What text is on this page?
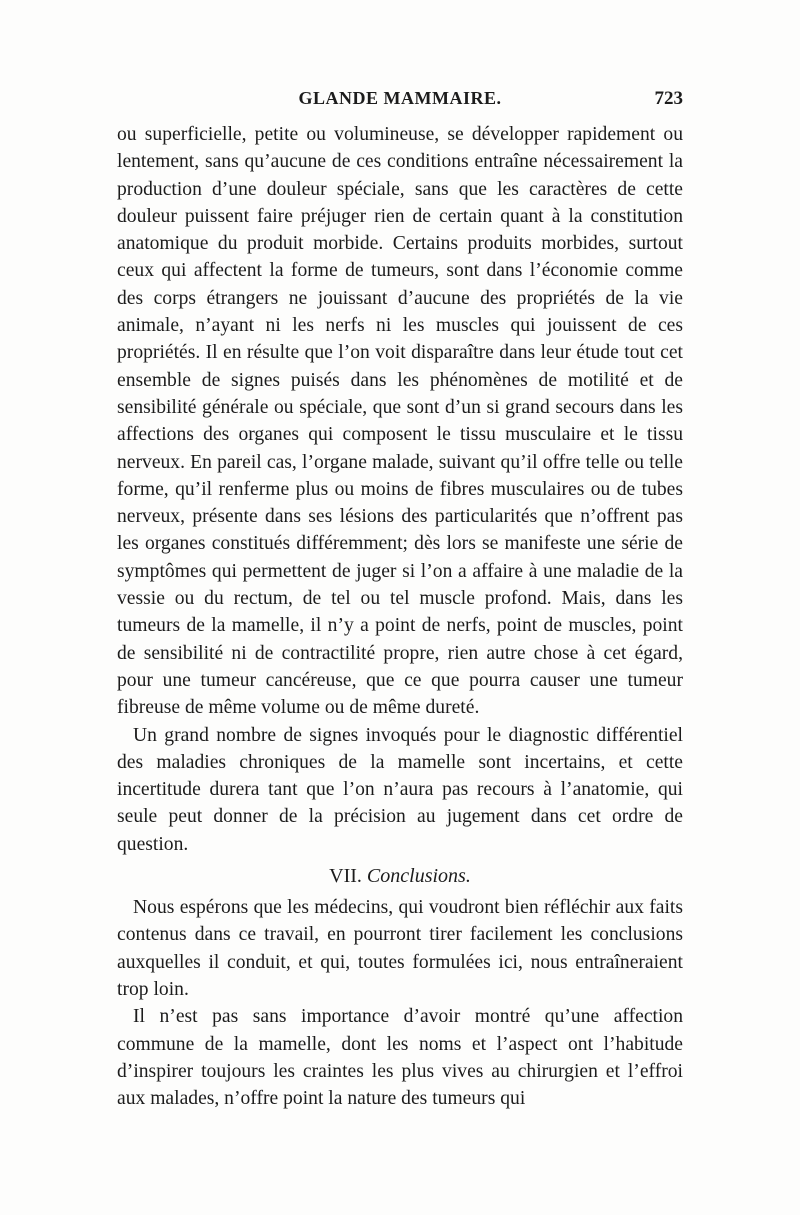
GLANDE MAMMAIRE.	723

ou superficielle, petite ou volumineuse, se développer rapidement ou lentement, sans qu’aucune de ces conditions entraîne nécessairement la production d’une douleur spéciale, sans que les caractères de cette douleur puissent faire préjuger rien de certain quant à la constitution anatomique du produit morbide. Certains produits morbides, surtout ceux qui affectent la forme de tumeurs, sont dans l’économie comme des corps étrangers ne jouissant d’aucune des propriétés de la vie animale, n’ayant ni les nerfs ni les muscles qui jouissent de ces propriétés. Il en résulte que l’on voit disparaître dans leur étude tout cet ensemble de signes puisés dans les phénomènes de motilité et de sensibilité générale ou spéciale, que sont d’un si grand secours dans les affections des organes qui composent le tissu musculaire et le tissu nerveux. En pareil cas, l’organe malade, suivant qu’il offre telle ou telle forme, qu’il renferme plus ou moins de fibres musculaires ou de tubes nerveux, présente dans ses lésions des particularités que n’offrent pas les organes constitués différemment; dès lors se manifeste une série de symptômes qui permettent de juger si l’on a affaire à une maladie de la vessie ou du rectum, de tel ou tel muscle profond. Mais, dans les tumeurs de la mamelle, il n’y a point de nerfs, point de muscles, point de sensibilité ni de contractilité propre, rien autre chose à cet égard, pour une tumeur cancéreuse, que ce que pourra causer une tumeur fibreuse de même volume ou de même dureté.

Un grand nombre de signes invoqués pour le diagnostic différentiel des maladies chroniques de la mamelle sont incertains, et cette incertitude durera tant que l’on n’aura pas recours à l’anatomie, qui seule peut donner de la précision au jugement dans cet ordre de question.

VII. Conclusions.

Nous espérons que les médecins, qui voudront bien réfléchir aux faits contenus dans ce travail, en pourront tirer facilement les conclusions auxquelles il conduit, et qui, toutes formulées ici, nous entraîneraient trop loin.

Il n’est pas sans importance d’avoir montré qu’une affection commune de la mamelle, dont les noms et l’aspect ont l’habitude d’inspirer toujours les craintes les plus vives au chirurgien et l’effroi aux malades, n’offre point la nature des tumeurs qui
